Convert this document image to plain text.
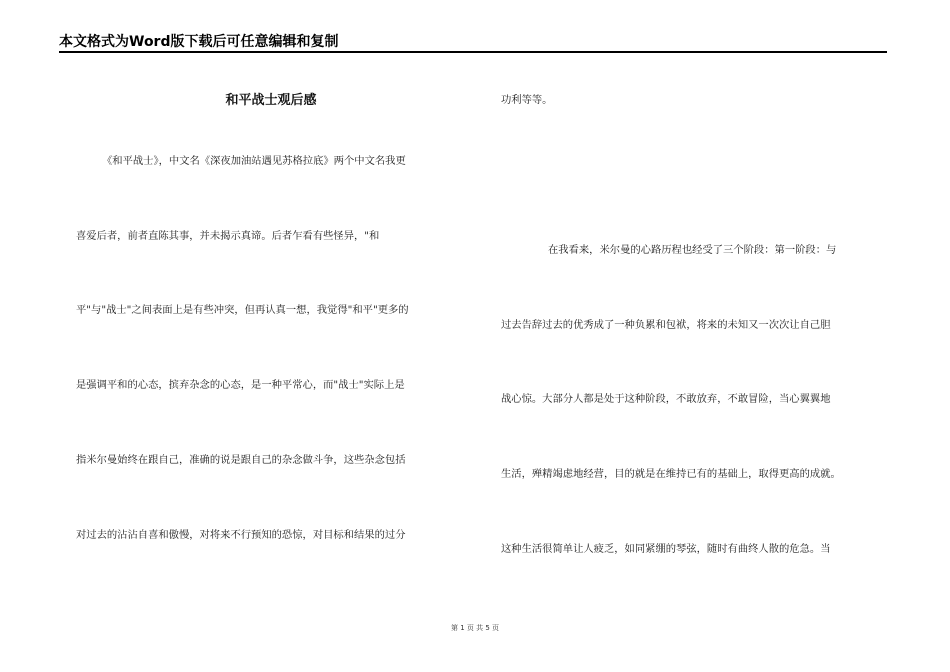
本文格式为Word版下载后可任意编辑和复制
和平战士观后感
《和平战士》，中文名《深夜加油站遇见苏格拉底》两个中文名我更
喜爱后者，前者直陈其事，并未揭示真谛。后者乍看有些怪异，"和
平"与"战士"之间表面上是有些冲突，但再认真一想，我觉得"和平"更多的
是强调平和的心态，摈弃杂念的心态，是一种平常心，而"战士"实际上是
指米尔曼始终在跟自己，准确的说是跟自己的杂念做斗争，这些杂念包括
对过去的沾沾自喜和傲慢，对将来不行预知的恐惊，对目标和结果的过分
功利等等。
在我看来，米尔曼的心路历程也经受了三个阶段：第一阶段：与
过去告辞过去的优秀成了一种负累和包袱，将来的未知又一次次让自己胆
战心惊。大部分人都是处于这种阶段，不敢放弃，不敢冒险，当心翼翼地
生活，殚精竭虑地经营，目的就是在维持已有的基础上，取得更高的成就。
这种生活很简单让人疲乏，如同紧绷的琴弦，随时有曲终人散的危急。当
第 1 页 共 5 页
